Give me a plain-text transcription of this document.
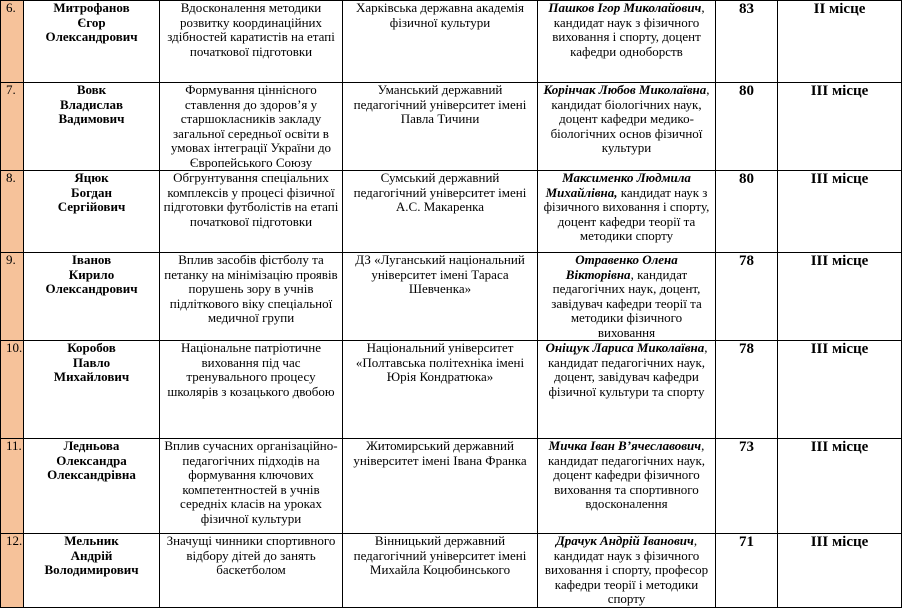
6.	Митрофанов
Єгор
Олександрович	Вдосконалення методики розвитку координаційних здібностей каратистів на етапі початкової підготовки	Харківська державна академія фізичної культури	Пашков Ігор Миколайович, кандидат наук з фізичного виховання і спорту, доцент кафедри одноборств	83	ІІ місце
7.	Вовк
Владислав
Вадимович	Формування ціннісного ставлення до здоров’я у старшокласників закладу загальної середньої освіти в умовах інтеграції України до Європейського Союзу	Уманський державний педагогічний університет імені Павла Тичини	Корінчак Любов Миколаївна, кандидат біологічних наук, доцент кафедри медико-біологічних основ фізичної культури	80	ІІІ місце
8.	Яцюк
Богдан
Сергійович	Обгрунтування спеціальних комплексів у процесі фізичної підготовки футболістів на етапі початкової підготовки	Сумський державний педагогічний університет імені А.С. Макаренка	Максименко Людмила Михайлівна, кандидат наук з фізичного виховання і спорту, доцент кафедри теорії та методики спорту	80	ІІІ місце
9.	Іванов
Кирило
Олександрович	Вплив засобів фістболу та петанку на мінімізацію проявів порушень зору в учнів підліткового віку спеціальної медичної групи	ДЗ «Луганський національний університет імені Тараса Шевченка»	Отравенко Олена Вікторівна, кандидат педагогічних наук, доцент, завідувач кафедри теорії та методики фізичного виховання	78	ІІІ місце
10.	Коробов
Павло
Михайлович	Національне патріотичне виховання під час тренувального процесу школярів з козацького двобою	Національний університет «Полтавська політехніка імені Юрія Кондратюка»	Оніщук Лариса Миколаївна, кандидат педагогічних наук, доцент, завідувач кафедри фізичної культури та спорту	78	ІІІ місце
11.	Ледньова
Олександра
Олександрівна	Вплив сучасних організаційно-педагогічних підходів на формування ключових компетентностей в учнів середніх класів на уроках фізичної культури	Житомирський державний університет імені Івана Франка	Мичка Іван В’ячеславович, кандидат педагогічних наук, доцент кафедри фізичного виховання та спортивного вдосконалення	73	ІІІ місце
12.	Мельник
Андрій
Володимирович	Значущі чинники спортивного відбору дітей до занять баскетболом	Вінницький державний педагогічний університет імені Михайла Коцюбинського	Драчук Андрій Іванович, кандидат наук з фізичного виховання і спорту, професор кафедри теорії і методики спорту	71	ІІІ місце
